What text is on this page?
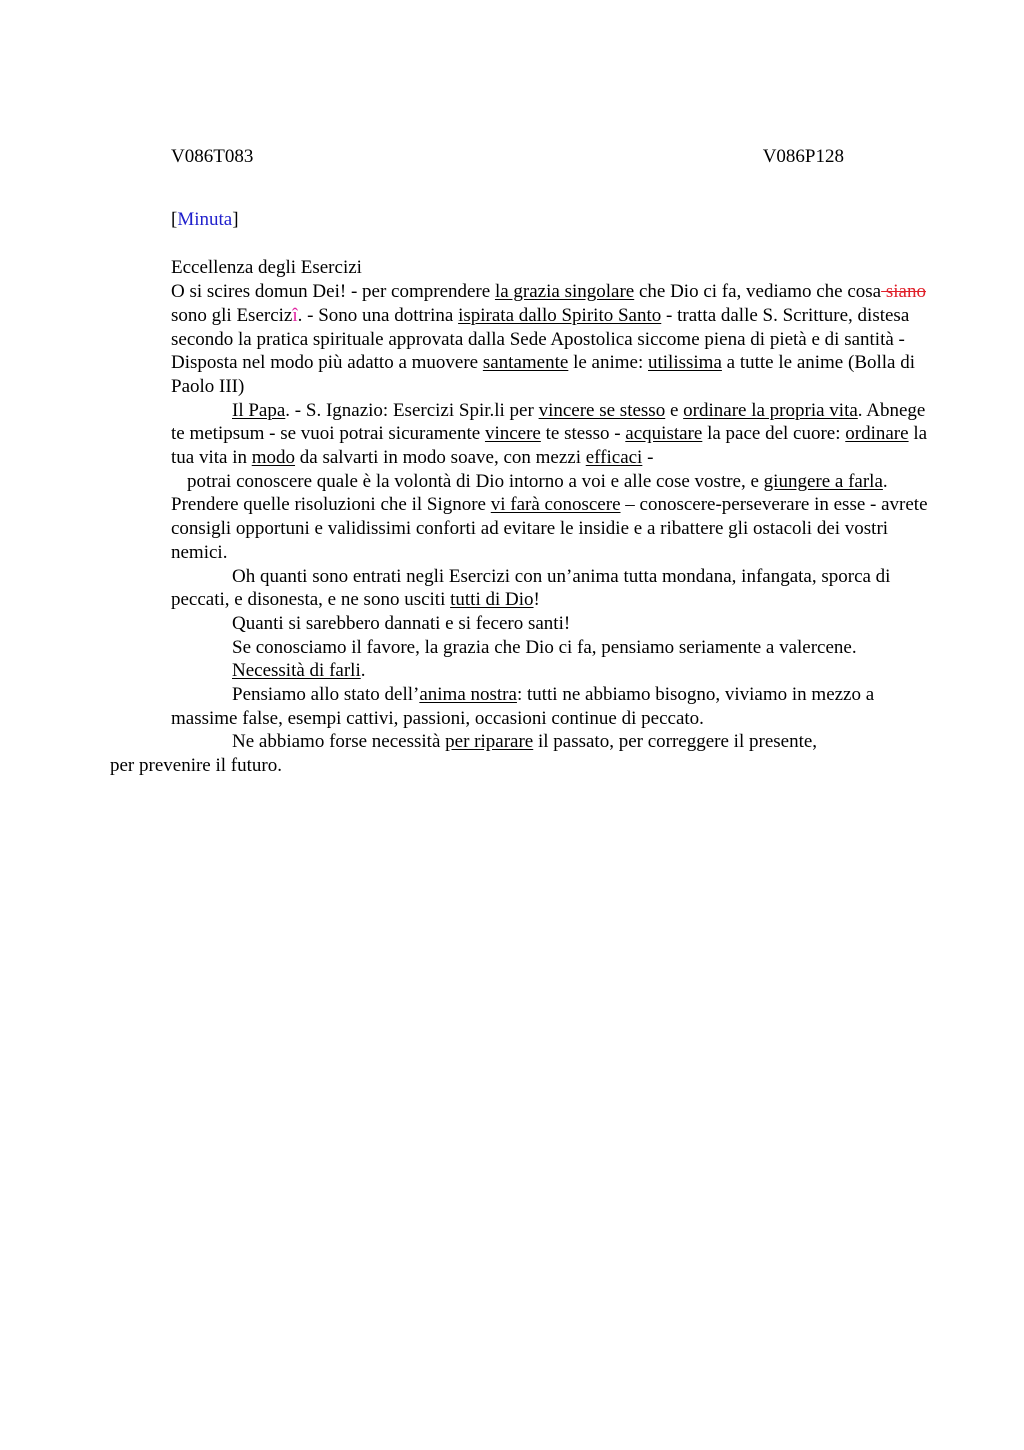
V086T083	V086P128
[Minuta]
Eccellenza degli Esercizi

O si scires domun Dei! - per comprendere la grazia singolare che Dio ci fa, vediamo che cosa siano sono gli Esercizî. - Sono una dottrina ispirata dallo Spirito Santo - tratta dalle S. Scritture, distesa secondo la pratica spirituale approvata dalla Sede Apostolica siccome piena di pietà e di santità - Disposta nel modo più adatto a muovere santamente le anime: utilissima a tutte le anime (Bolla di Paolo III)

Il Papa. - S. Ignazio: Esercizi Spir.li per vincere se stesso e ordinare la propria vita. Abnege te metipsum - se vuoi potrai sicuramente vincere te stesso - acquistare la pace del cuore: ordinare la tua vita in modo da salvarti in modo soave, con mezzi efficaci -
potrai conoscere quale è la volontà di Dio intorno a voi e alle cose vostre, e giungere a farla. Prendere quelle risoluzioni che il Signore vi farà conoscere – conoscere-perseverare in esse - avrete consigli opportuni e validissimi conforti ad evitare le insidie e a ribattere gli ostacoli dei vostri nemici.

Oh quanti sono entrati negli Esercizi con un’anima tutta mondana, infangata, sporca di peccati, e disonesta, e ne sono usciti tutti di Dio!

Quanti si sarebbero dannati e si fecero santi!

Se conosciamo il favore, la grazia che Dio ci fa, pensiamo seriamente a valercene.

Necessità di farli.

Pensiamo allo stato dell’anima nostra: tutti ne abbiamo bisogno, viviamo in mezzo a massime false, esempi cattivi, passioni, occasioni continue di peccato.

Ne abbiamo forse necessità per riparare il passato, per correggere il presente,
per prevenire il futuro.
